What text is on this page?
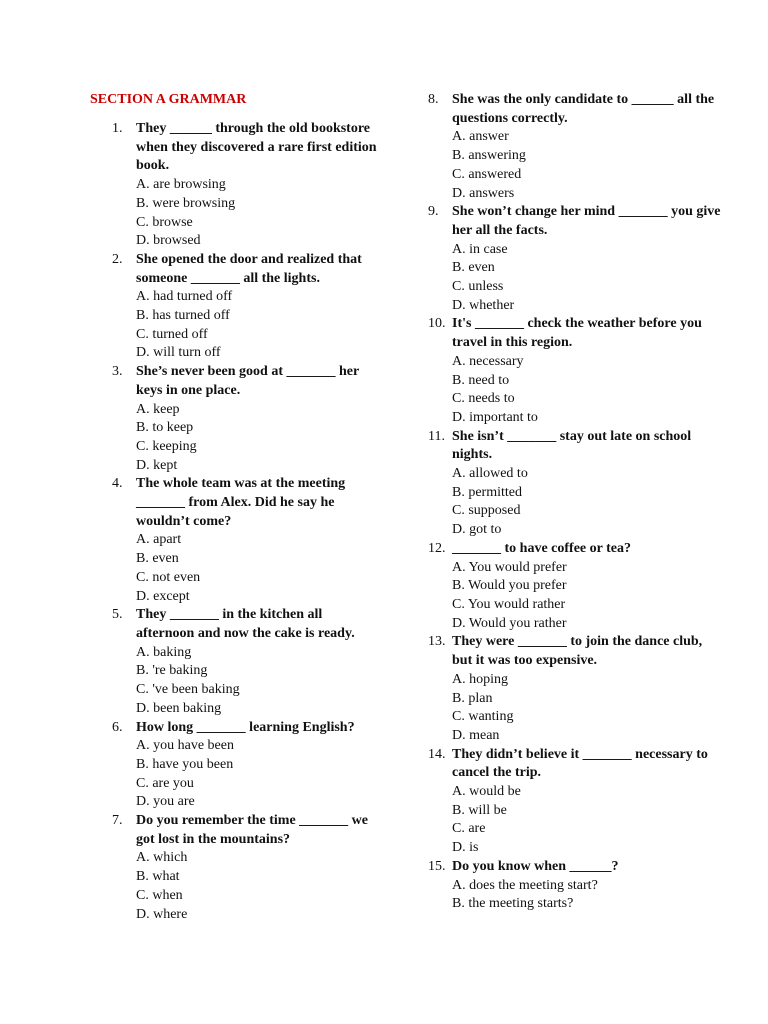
SECTION A GRAMMAR
1. They ______ through the old bookstore when they discovered a rare first edition book.
A. are browsing
B. were browsing
C. browse
D. browsed
2. She opened the door and realized that someone _______ all the lights.
A. had turned off
B. has turned off
C. turned off
D. will turn off
3. She’s never been good at _______ her keys in one place.
A. keep
B. to keep
C. keeping
D. kept
4. The whole team was at the meeting _______ from Alex. Did he say he wouldn’t come?
A. apart
B. even
C. not even
D. except
5. They _______ in the kitchen all afternoon and now the cake is ready.
A. baking
B. 're baking
C. 've been baking
D. been baking
6. How long _______ learning English?
A. you have been
B. have you been
C. are you
D. you are
7. Do you remember the time _______ we got lost in the mountains?
A. which
B. what
C. when
D. where
8. She was the only candidate to ______ all the questions correctly.
A. answer
B. answering
C. answered
D. answers
9. She won’t change her mind _______ you give her all the facts.
A. in case
B. even
C. unless
D. whether
10. It's _______ check the weather before you travel in this region.
A. necessary
B. need to
C. needs to
D. important to
11. She isn’t _______ stay out late on school nights.
A. allowed to
B. permitted
C. supposed
D. got to
12. _______ to have coffee or tea?
A. You would prefer
B. Would you prefer
C. You would rather
D. Would you rather
13. They were _______ to join the dance club, but it was too expensive.
A. hoping
B. plan
C. wanting
D. mean
14. They didn’t believe it _______ necessary to cancel the trip.
A. would be
B. will be
C. are
D. is
15. Do you know when ______?
A. does the meeting start?
B. the meeting starts?
